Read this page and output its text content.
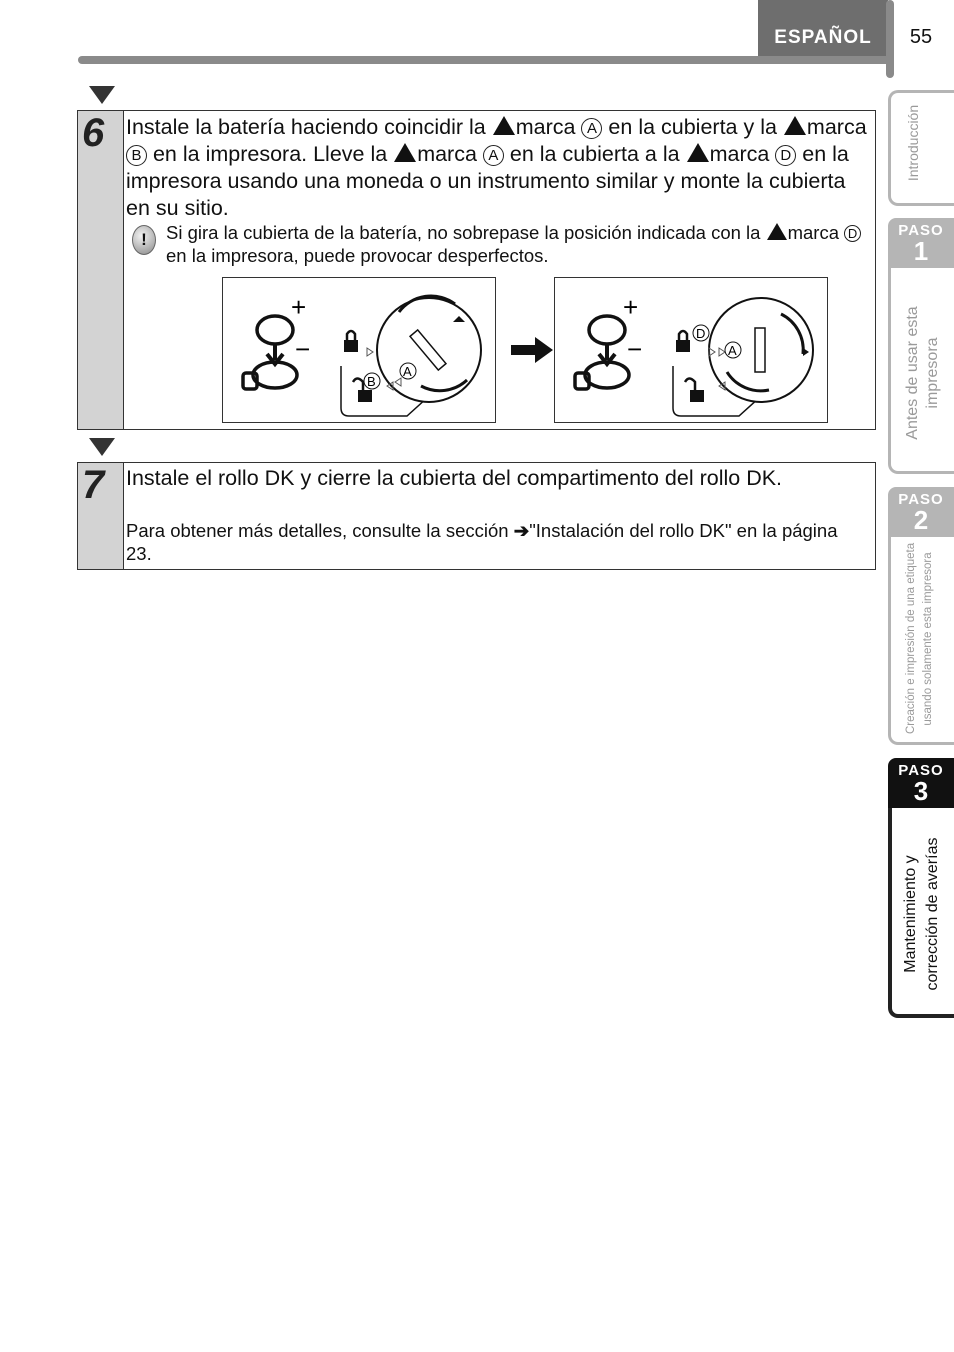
ESPAÑOL	55
Introducción
PASO
1
Antes de usar esta impresora
PASO
2
Creación e impresión de una etiqueta usando solamente esta impresora
PASO
3
Mantenimiento y corrección de averías
6 Instale la batería haciendo coincidir la marca A en la cubierta y la marca B en la impresora. Lleve la marca A en la cubierta a la marca D en la impresora usando una moneda o un instrumento similar y monte la cubierta en su sitio.
!	Si gira la cubierta de la batería, no sobrepase la posición indicada con la marca D en la impresora, puede provocar desperfectos.
+
−
B
A
+
−
D
A
7 Instale el rollo DK y cierre la cubierta del compartimento del rollo DK.
Para obtener más detalles, consulte la sección ➔"Instalación del rollo DK" en la página 23.
